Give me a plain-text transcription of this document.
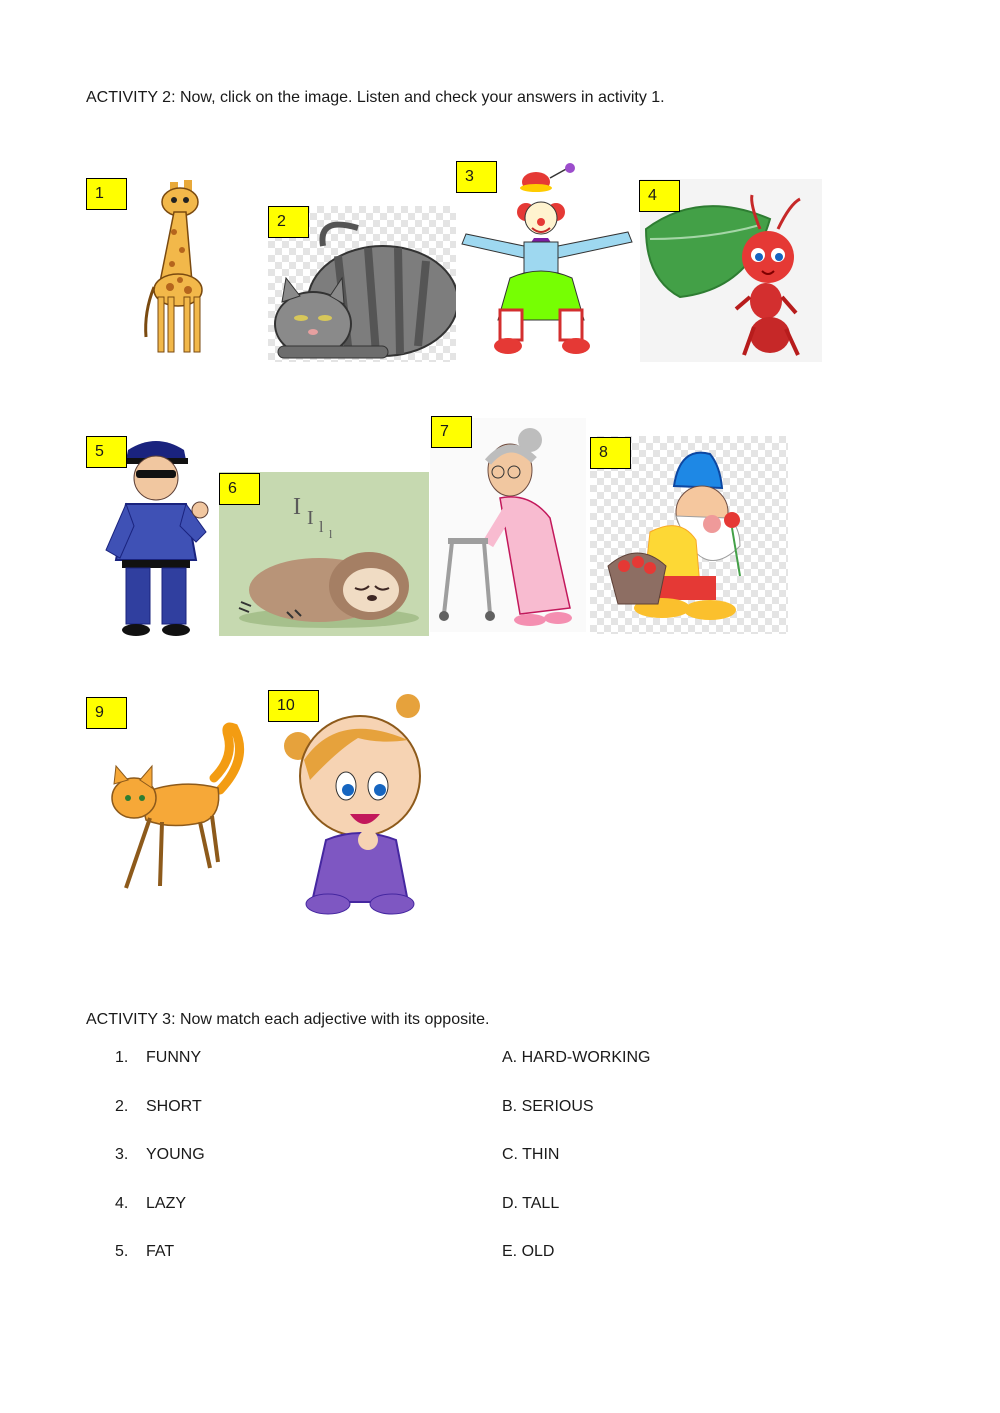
ACTIVITY 2: Now, click on the image. Listen and check your answers in activity 1.
1
2
3
4
5
I I l l
6
7
8
9	10
ACTIVITY 3: Now match each adjective with its opposite.
1. FUNNY
2. SHORT
3. YOUNG
4. LAZY
5. FAT
A. HARD-WORKING
B. SERIOUS
C. THIN
D. TALL
E. OLD
